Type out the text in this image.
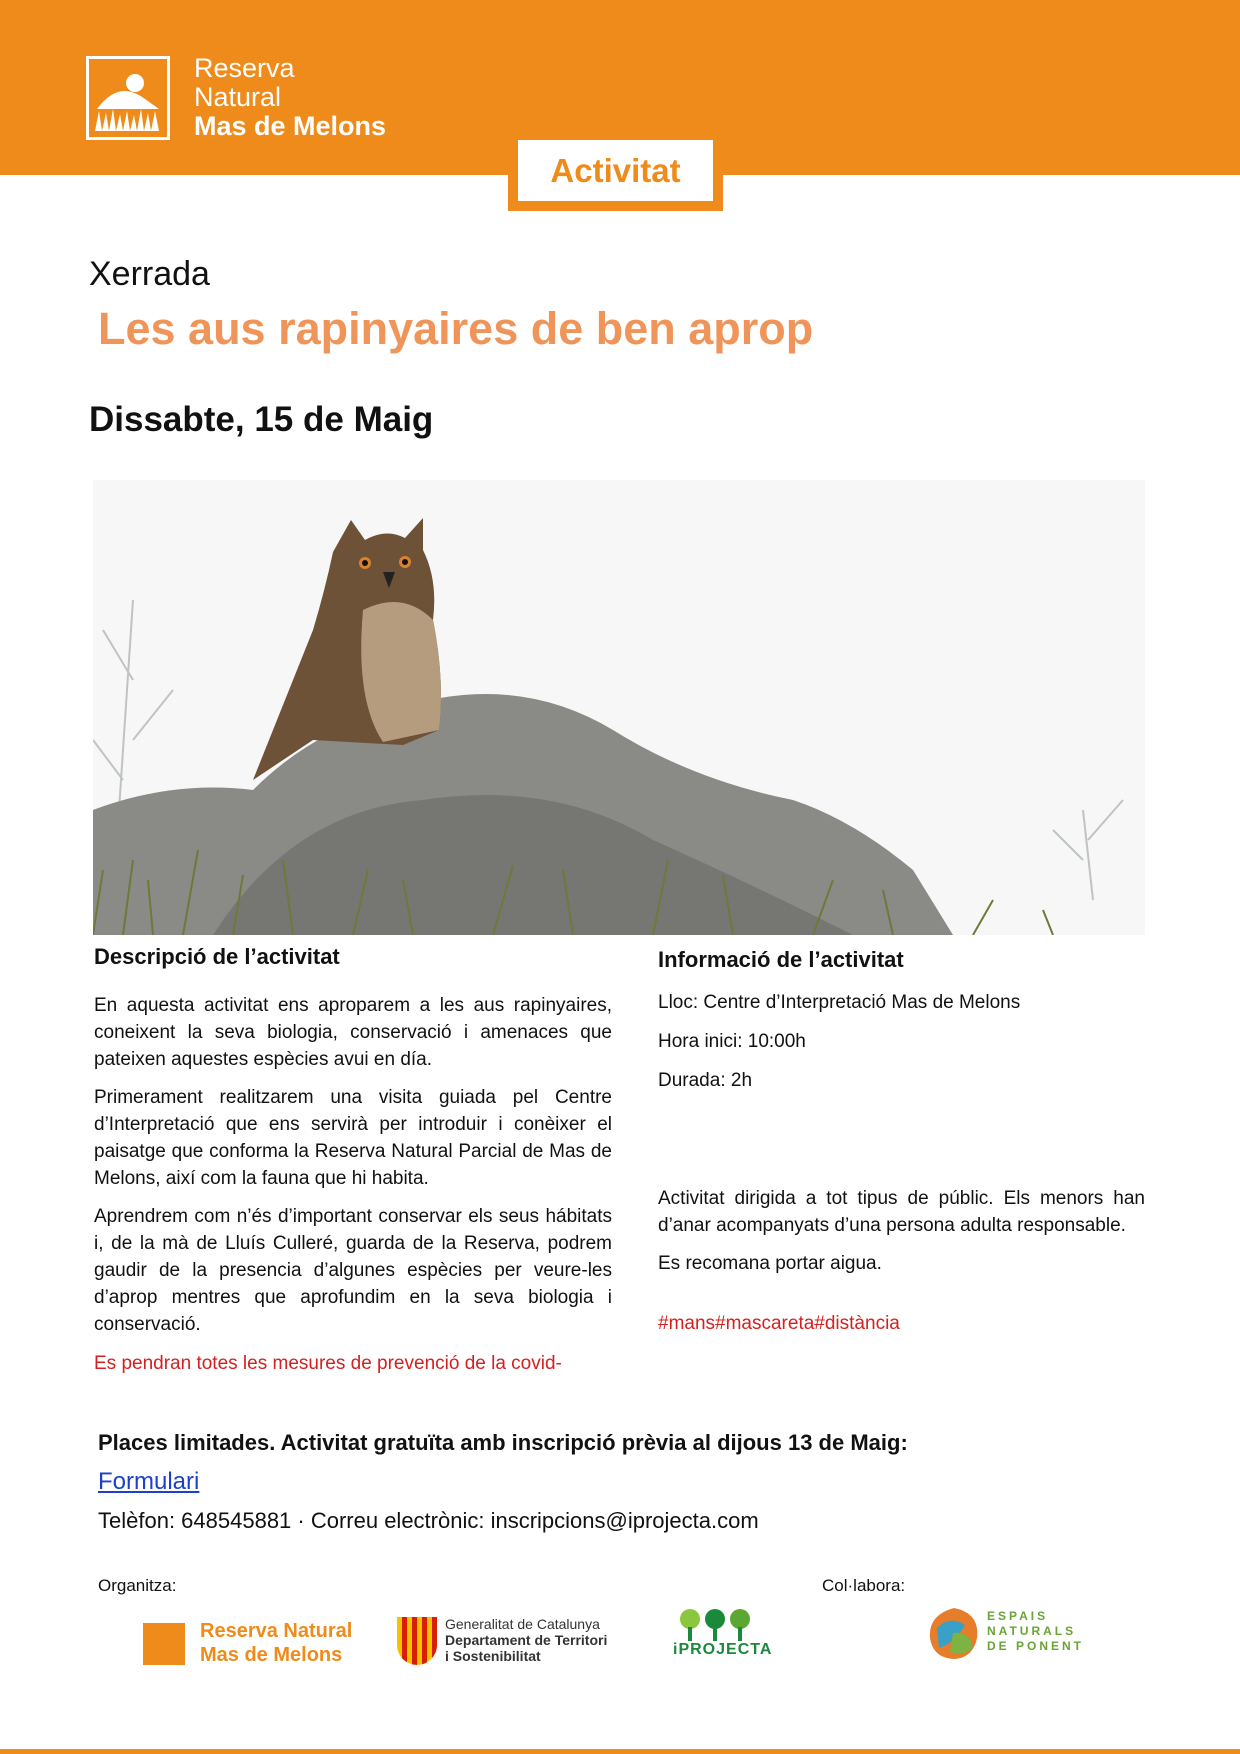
Reserva
Natural
Mas de Melons
Activitat
Xerrada
Les aus rapinyaires de ben aprop
Dissabte, 15 de Maig
Descripció de l’activitat

En aquesta activitat ens aproparem a les aus rapinyaires, coneixent la seva biologia, conservació i amenaces que pateixen aquestes espècies avui en día.

Primerament realitzarem una visita guiada pel Centre d’Interpretació que ens servirà per introduir i conèixer el paisatge que conforma la Reserva Natural Parcial de Mas de Melons, així com la fauna que hi habita.

Aprendrem com n’és d’important conservar els seus hábitats i, de la mà de Lluís Culleré, guarda de la Reserva, podrem gaudir de la presencia d’algunes espècies per veure-les d’aprop mentres que aprofundim en la seva biologia i conservació.

Es pendran totes les mesures de prevenció de la covid-

Informació de l’activitat

Lloc: Centre d’Interpretació Mas de Melons

Hora inici: 10:00h

Durada: 2h

Activitat dirigida a tot tipus de públic. Els menors han d’anar acompanyats d’una persona adulta responsable.

Es recomana portar aigua.

#mans#mascareta#distància

Places limitades. Activitat gratuïta amb inscripció prèvia al dijous 13 de Maig:
Formulari
Telèfon: 648545881 · Correu electrònic: inscripcions@iprojecta.com
Organitza:	Col·labora:
Reserva Natural
Mas de Melons
Generalitat de Catalunya
Departament de Territori
i Sostenibilitat	iPROJECTA
ESPAIS
NATURALS
DE PONENT
